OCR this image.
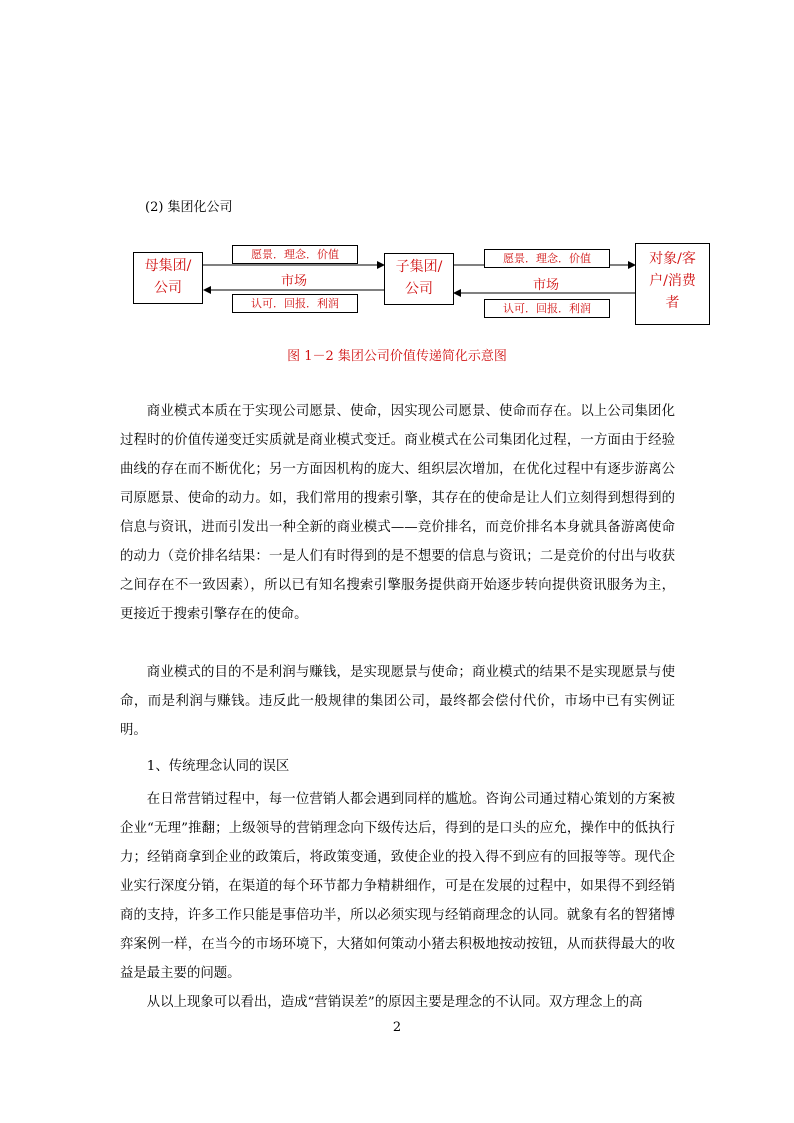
(2) 集团化公司
母集团/
公司
子集团/
公司
对象/客
户/消费
者
愿景．理念．价值
市场
认可．回报．利润
愿景．理念．价值
市场
认可．回报．利润
图 1－2 集团公司价值传递简化示意图

商业模式本质在于实现公司愿景、使命，因实现公司愿景、使命而存在。以上公司集团化过程时的价值传递变迁实质就是商业模式变迁。商业模式在公司集团化过程，一方面由于经验曲线的存在而不断优化；另一方面因机构的庞大、组织层次增加，在优化过程中有逐步游离公司原愿景、使命的动力。如，我们常用的搜索引擎，其存在的使命是让人们立刻得到想得到的信息与资讯，进而引发出一种全新的商业模式——竞价排名，而竞价排名本身就具备游离使命的动力（竞价排名结果：一是人们有时得到的是不想要的信息与资讯；二是竞价的付出与收获之间存在不一致因素），所以已有知名搜索引擎服务提供商开始逐步转向提供资讯服务为主，更接近于搜索引擎存在的使命。

商业模式的目的不是利润与赚钱，是实现愿景与使命；商业模式的结果不是实现愿景与使命，而是利润与赚钱。违反此一般规律的集团公司，最终都会偿付代价，市场中已有实例证明。

1、传统理念认同的误区

在日常营销过程中，每一位营销人都会遇到同样的尴尬。咨询公司通过精心策划的方案被企业“无理”推翻；上级领导的营销理念向下级传达后，得到的是口头的应允，操作中的低执行力；经销商拿到企业的政策后，将政策变通，致使企业的投入得不到应有的回报等等。现代企业实行深度分销，在渠道的每个环节都力争精耕细作，可是在发展的过程中，如果得不到经销商的支持，许多工作只能是事倍功半，所以必须实现与经销商理念的认同。就象有名的智猪博弈案例一样，在当今的市场环境下，大猪如何策动小猪去积极地按动按钮，从而获得最大的收益是最主要的问题。

从以上现象可以看出，造成“营销误差”的原因主要是理念的不认同。双方理念上的高

2
